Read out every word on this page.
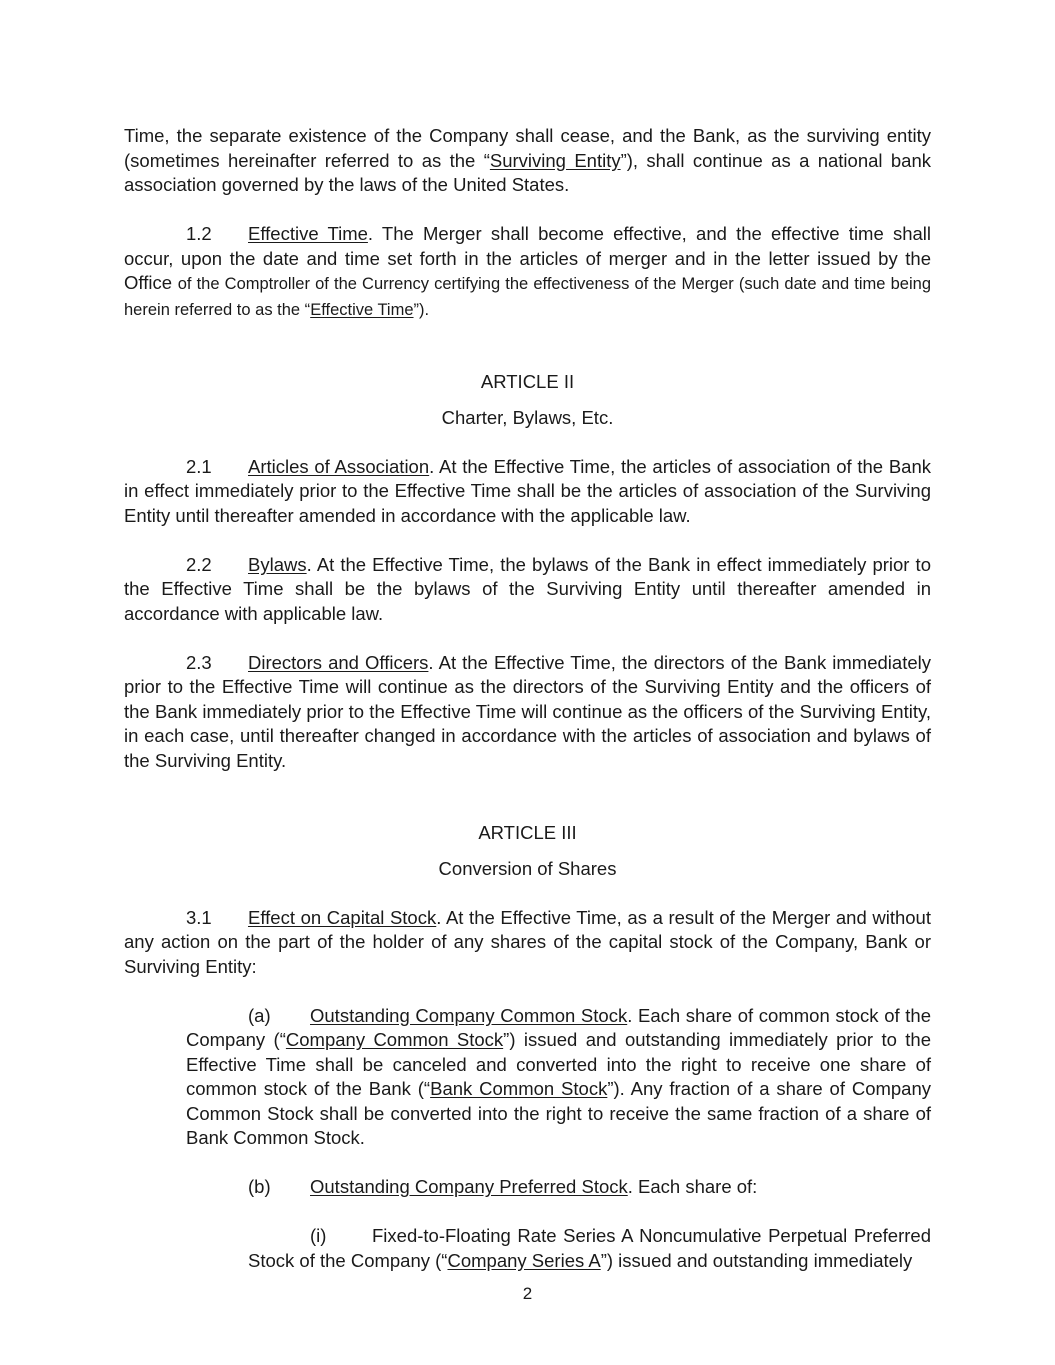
Time, the separate existence of the Company shall cease, and the Bank, as the surviving entity (sometimes hereinafter referred to as the “Surviving Entity”), shall continue as a national bank association governed by the laws of the United States.

1.2 Effective Time. The Merger shall become effective, and the effective time shall occur, upon the date and time set forth in the articles of merger and in the letter issued by the Office of the Comptroller of the Currency certifying the effectiveness of the Merger (such date and time being herein referred to as the “Effective Time”).

ARTICLE II

Charter, Bylaws, Etc.

2.1 Articles of Association. At the Effective Time, the articles of association of the Bank in effect immediately prior to the Effective Time shall be the articles of association of the Surviving Entity until thereafter amended in accordance with the applicable law.

2.2 Bylaws. At the Effective Time, the bylaws of the Bank in effect immediately prior to the Effective Time shall be the bylaws of the Surviving Entity until thereafter amended in accordance with applicable law.

2.3 Directors and Officers. At the Effective Time, the directors of the Bank immediately prior to the Effective Time will continue as the directors of the Surviving Entity and the officers of the Bank immediately prior to the Effective Time will continue as the officers of the Surviving Entity, in each case, until thereafter changed in accordance with the articles of association and bylaws of the Surviving Entity.

ARTICLE III

Conversion of Shares

3.1 Effect on Capital Stock. At the Effective Time, as a result of the Merger and without any action on the part of the holder of any shares of the capital stock of the Company, Bank or Surviving Entity:

(a) Outstanding Company Common Stock. Each share of common stock of the Company (“Company Common Stock”) issued and outstanding immediately prior to the Effective Time shall be canceled and converted into the right to receive one share of common stock of the Bank (“Bank Common Stock”). Any fraction of a share of Company Common Stock shall be converted into the right to receive the same fraction of a share of Bank Common Stock.

(b) Outstanding Company Preferred Stock. Each share of:

(i) Fixed-to-Floating Rate Series A Noncumulative Perpetual Preferred Stock of the Company (“Company Series A”) issued and outstanding immediately

2
